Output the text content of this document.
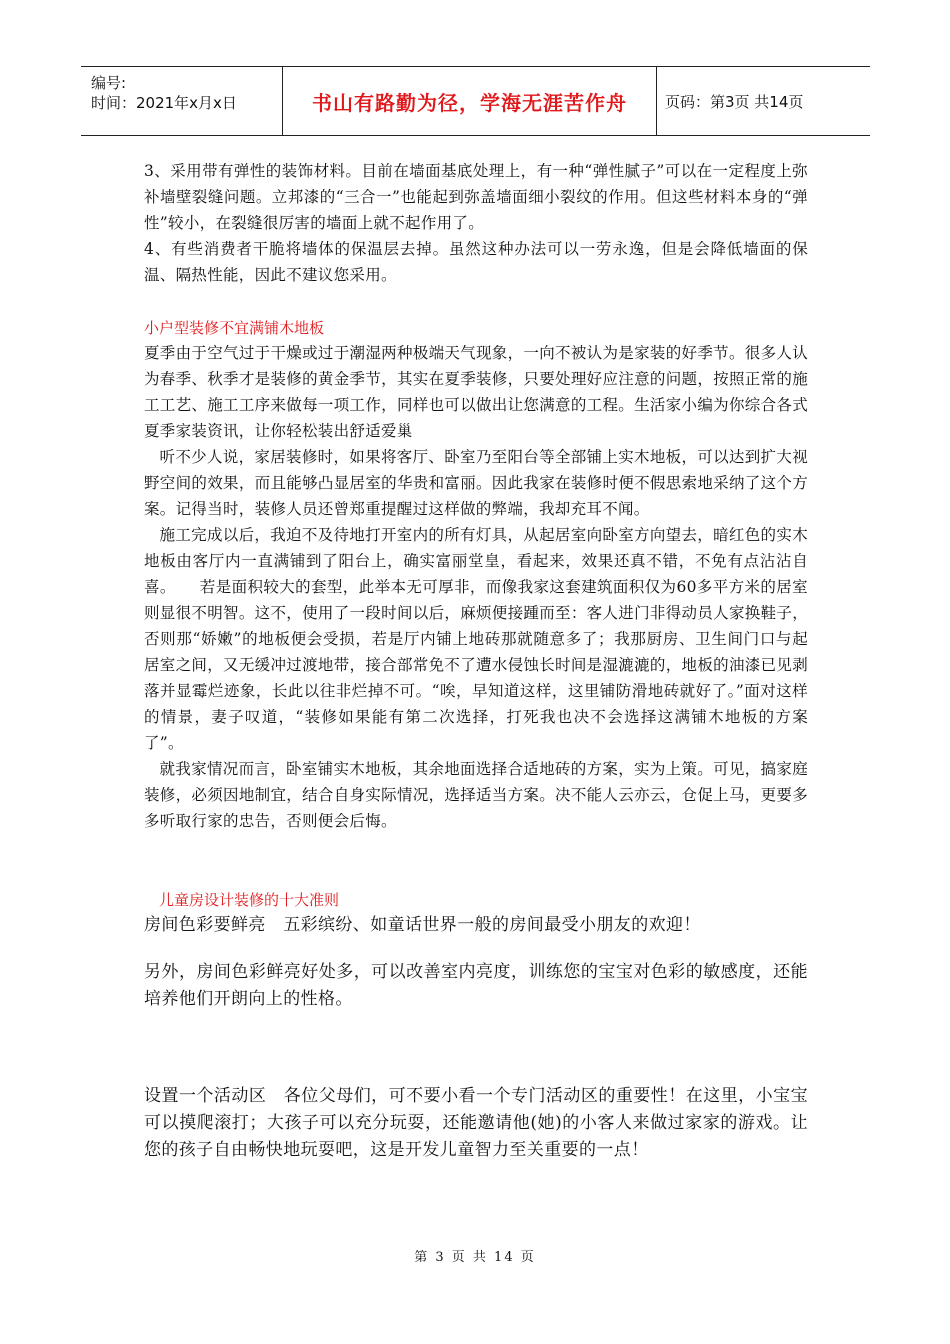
编号:
时间：2021年x月x日	书山有路勤为径，学海无涯苦作舟	页码：第3页 共14页

3、采用带有弹性的装饰材料。目前在墙面基底处理上，有一种“弹性腻子”可以在一定程度上弥补墙壁裂缝问题。立邦漆的“三合一”也能起到弥盖墙面细小裂纹的作用。但这些材料本身的“弹性”较小，在裂缝很厉害的墙面上就不起作用了。

4、有些消费者干脆将墙体的保温层去掉。虽然这种办法可以一劳永逸，但是会降低墙面的保温、隔热性能，因此不建议您采用。

小户型装修不宜满铺木地板

夏季由于空气过于干燥或过于潮湿两种极端天气现象，一向不被认为是家装的好季节。很多人认为春季、秋季才是装修的黄金季节，其实在夏季装修，只要处理好应注意的问题，按照正常的施工工艺、施工工序来做每一项工作，同样也可以做出让您满意的工程。生活家小编为你综合各式夏季家装资讯，让你轻松装出舒适爱巢

听不少人说，家居装修时，如果将客厅、卧室乃至阳台等全部铺上实木地板，可以达到扩大视野空间的效果，而且能够凸显居室的华贵和富丽。因此我家在装修时便不假思索地采纳了这个方案。记得当时，装修人员还曾郑重提醒过这样做的弊端，我却充耳不闻。

施工完成以后，我迫不及待地打开室内的所有灯具，从起居室向卧室方向望去，暗红色的实木地板由客厅内一直满铺到了阳台上，确实富丽堂皇，看起来，效果还真不错，不免有点沾沾自喜。　　若是面积较大的套型，此举本无可厚非，而像我家这套建筑面积仅为60多平方米的居室则显很不明智。这不，使用了一段时间以后，麻烦便接踵而至：客人进门非得动员人家换鞋子，否则那“娇嫩”的地板便会受损，若是厅内铺上地砖那就随意多了；我那厨房、卫生间门口与起居室之间，又无缓冲过渡地带，接合部常免不了遭水侵蚀长时间是湿漉漉的，地板的油漆已见剥落并显霉烂迹象，长此以往非烂掉不可。“唉，早知道这样，这里铺防滑地砖就好了。”面对这样的情景，妻子叹道，“装修如果能有第二次选择，打死我也决不会选择这满铺木地板的方案了”。

就我家情况而言，卧室铺实木地板，其余地面选择合适地砖的方案，实为上策。可见，搞家庭装修，必须因地制宜，结合自身实际情况，选择适当方案。决不能人云亦云，仓促上马，更要多多听取行家的忠告，否则便会后悔。

儿童房设计装修的十大准则

房间色彩要鲜亮　五彩缤纷、如童话世界一般的房间最受小朋友的欢迎！

另外，房间色彩鲜亮好处多，可以改善室内亮度，训练您的宝宝对色彩的敏感度，还能培养他们开朗向上的性格。

设置一个活动区　各位父母们，可不要小看一个专门活动区的重要性！在这里，小宝宝可以摸爬滚打；大孩子可以充分玩耍，还能邀请他(她)的小客人来做过家家的游戏。让您的孩子自由畅快地玩耍吧，这是开发儿童智力至关重要的一点！

第 3 页 共 14 页
